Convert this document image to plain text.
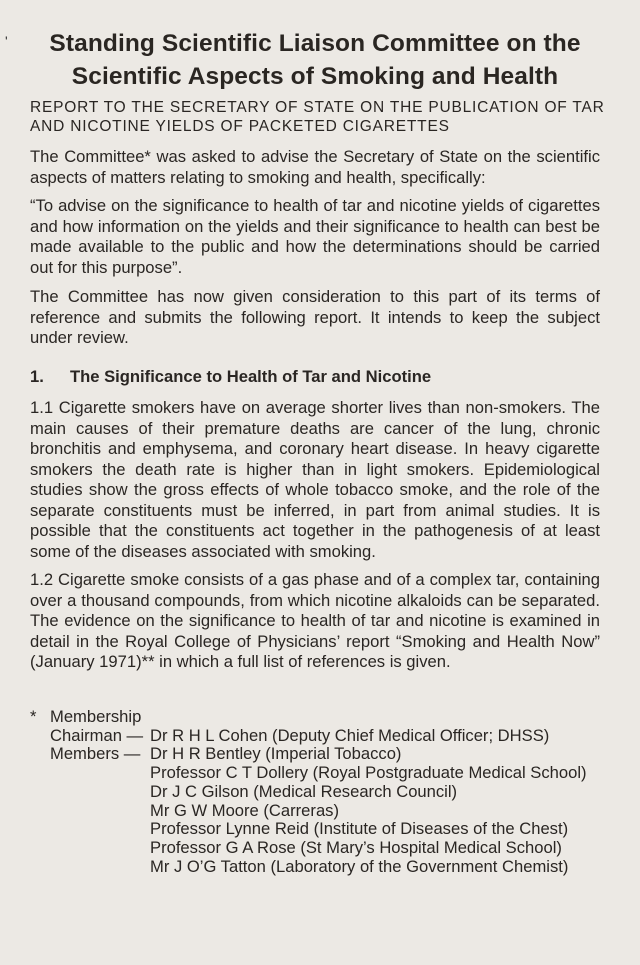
'	Standing Scientific Liaison Committee on the
Scientific Aspects of Smoking and Health
REPORT TO THE SECRETARY OF STATE ON THE PUBLICATION OF TAR AND NICOTINE YIELDS OF PACKETED CIGARETTES

The Committee* was asked to advise the Secretary of State on the scientific aspects of matters relating to smoking and health, specifically:

“To advise on the significance to health of tar and nicotine yields of cigarettes and how information on the yields and their significance to health can best be made available to the public and how the determinations should be carried out for this purpose”.

The Committee has now given consideration to this part of its terms of reference and submits the following report. It intends to keep the subject under review.

1. The Significance to Health of Tar and Nicotine

1.1 Cigarette smokers have on average shorter lives than non-smokers. The main causes of their premature deaths are cancer of the lung, chronic bronchitis and emphysema, and coronary heart disease. In heavy cigarette smokers the death rate is higher than in light smokers. Epidemiological studies show the gross effects of whole tobacco smoke, and the role of the separate constituents must be inferred, in part from animal studies. It is possible that the constituents act together in the pathogenesis of at least some of the diseases associated with smoking.

1.2 Cigarette smoke consists of a gas phase and of a complex tar, containing over a thousand compounds, from which nicotine alkaloids can be separated. The evidence on the significance to health of tar and nicotine is examined in detail in the Royal College of Physicians’ report “Smoking and Health Now” (January 1971)** in which a full list of references is given.

* Membership
Chairman — Dr R H L Cohen (Deputy Chief Medical Officer; DHSS)
Members — Dr H R Bentley (Imperial Tobacco)
Professor C T Dollery (Royal Postgraduate Medical School)
Dr J C Gilson (Medical Research Council)
Mr G W Moore (Carreras)
Professor Lynne Reid (Institute of Diseases of the Chest)
Professor G A Rose (St Mary’s Hospital Medical School)
Mr J O’G Tatton (Laboratory of the Government Chemist)
